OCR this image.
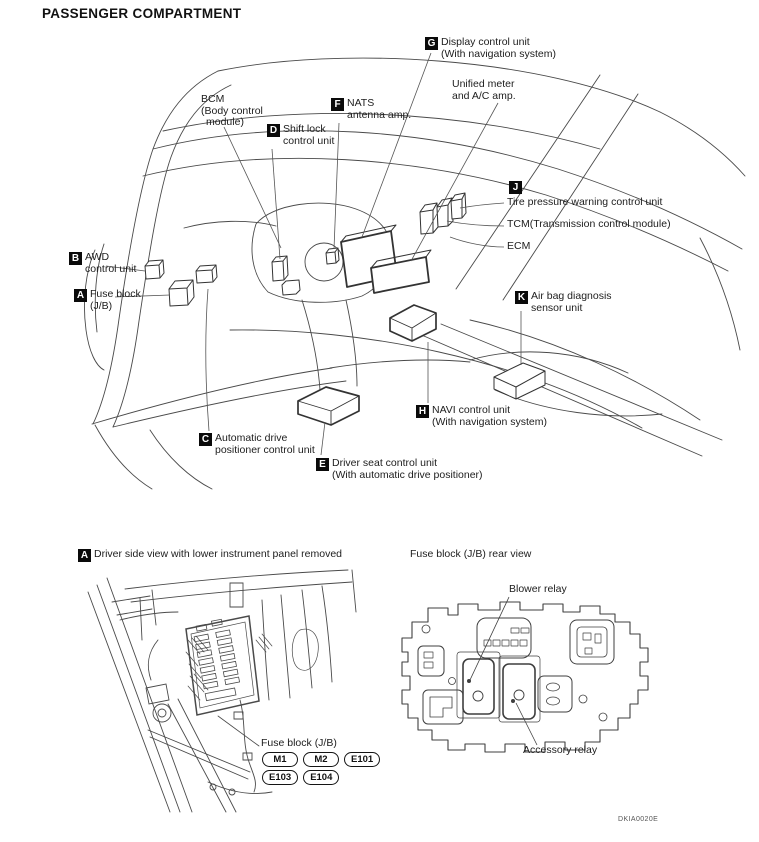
PASSENGER COMPARTMENT
G Display control unit
(With navigation system)
Unified meter
and A/C amp.
BCM
(Body control
module)
D Shift lock
control unit
F NATS
antenna amp.
J
Tire pressure warning control unit
TCM(Transmission control module)
ECM
B AWD
control unit
A Fuse block
(J/B)
K Air bag diagnosis
sensor unit
C Automatic drive
positioner control unit
H NAVI control unit
(With navigation system)
E Driver seat control unit
(With automatic drive positioner)
A Driver side view with lower instrument panel removed
Fuse block (J/B)
M1	M2 E101
E103 E104
Fuse block (J/B) rear view
Blower relay
Accessory relay
DKIA0020E
